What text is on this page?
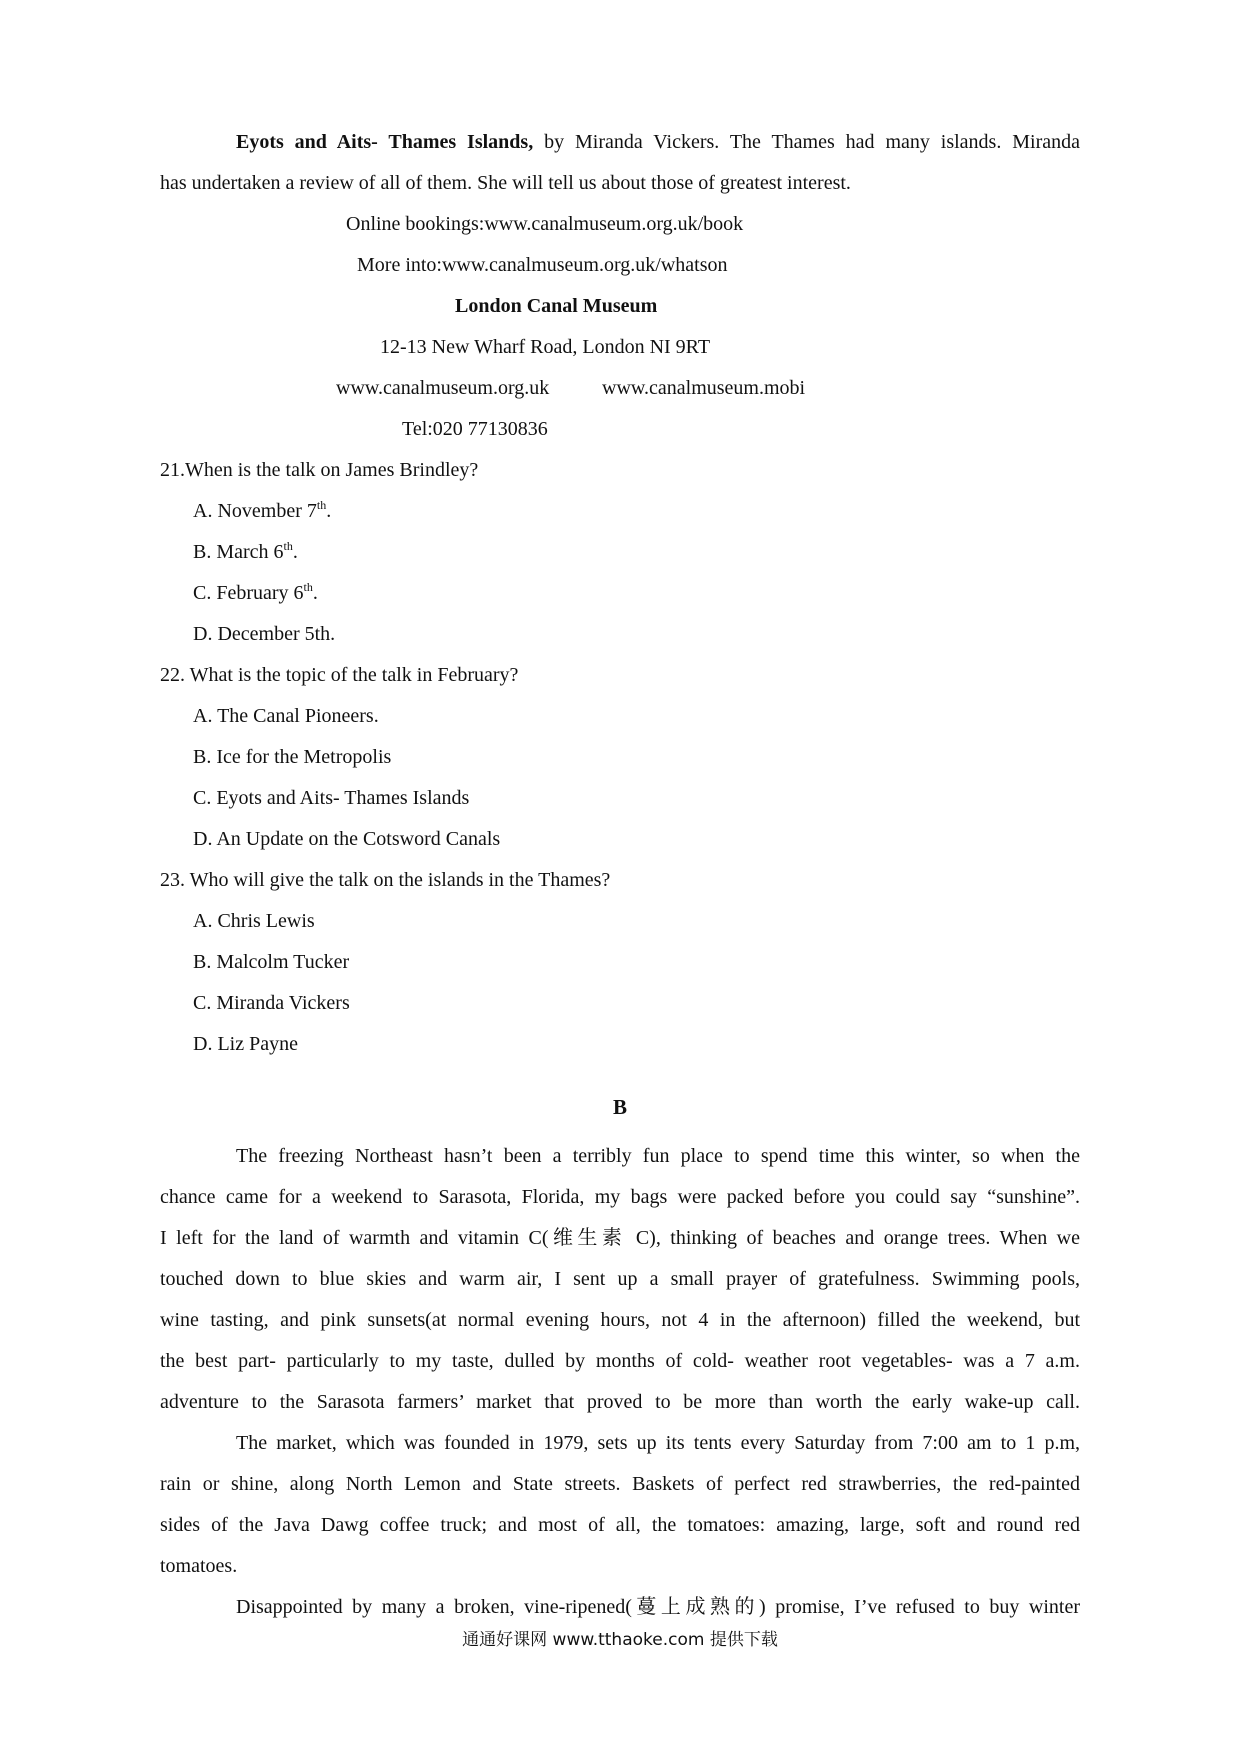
Eyots and Aits- Thames Islands, by Miranda Vickers. The Thames had many islands. Miranda
has undertaken a review of all of them. She will tell us about those of greatest interest.
Online bookings:www.canalmuseum.org.uk/book
More into:www.canalmuseum.org.uk/whatson
London Canal Museum
12-13 New Wharf Road, London NI 9RT
www.canalmuseum.org.uk	www.canalmuseum.mobi
Tel:020 77130836
21.When is the talk on James Brindley?
A. November 7th.
B. March 6th.
C. February 6th.
D. December 5th.
22. What is the topic of the talk in February?
A. The Canal Pioneers.
B. Ice for the Metropolis
C. Eyots and Aits- Thames Islands
D. An Update on the Cotsword Canals
23. Who will give the talk on the islands in the Thames?
A. Chris Lewis
B. Malcolm Tucker
C. Miranda Vickers
D. Liz Payne
B
The freezing Northeast hasn’t been a terribly fun place to spend time this winter, so when the
chance came for a weekend to Sarasota, Florida, my bags were packed before you could say “sunshine”.
I left for the land of warmth and vitamin C(维生素 C), thinking of beaches and orange trees. When we
touched down to blue skies and warm air, I sent up a small prayer of gratefulness. Swimming pools,
wine tasting, and pink sunsets(at normal evening hours, not 4 in the afternoon) filled the weekend, but
the best part- particularly to my taste, dulled by months of cold- weather root vegetables- was a 7 a.m.
adventure to the Sarasota farmers’ market that proved to be more than worth the early wake-up call.
The market, which was founded in 1979, sets up its tents every Saturday from 7:00 am to 1 p.m,
rain or shine, along North Lemon and State streets. Baskets of perfect red strawberries, the red-painted
sides of the Java Dawg coffee truck; and most of all, the tomatoes: amazing, large, soft and round red
tomatoes.
Disappointed by many a broken, vine-ripened(蔓上成熟的) promise, I’ve refused to buy winter
通通好课网 www.tthaoke.com 提供下载
